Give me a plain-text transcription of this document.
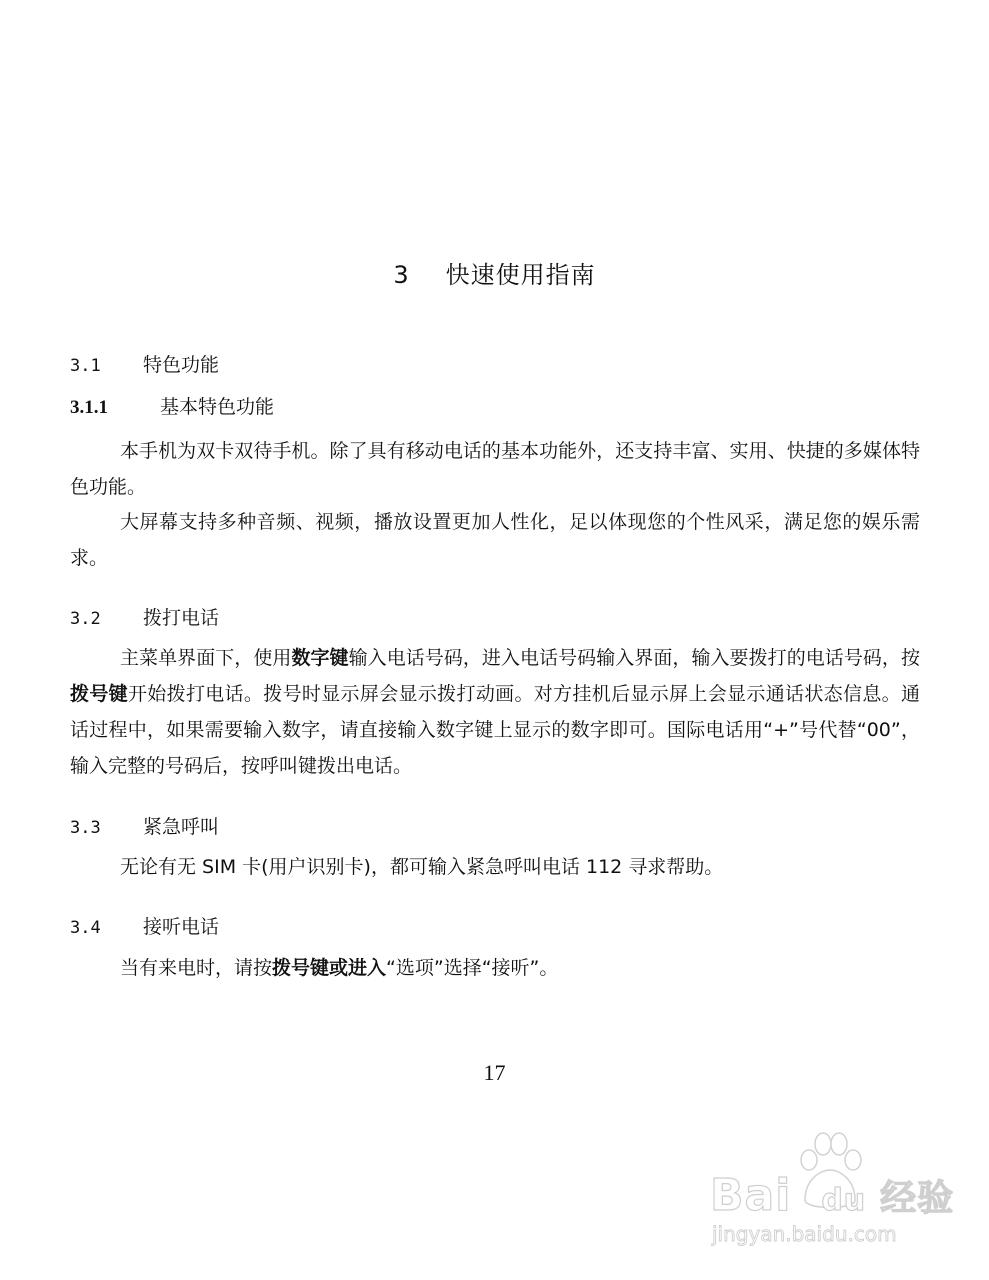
3 快速使用指南
3.1 特色功能
3.1.1	基本特色功能
本手机为双卡双待手机。除了具有移动电话的基本功能外，还支持丰富、实用、快捷的多媒体特色功能。
大屏幕支持多种音频、视频，播放设置更加人性化，足以体现您的个性风采，满足您的娱乐需求。
3.2 拨打电话
主菜单界面下，使用数字键输入电话号码，进入电话号码输入界面，输入要拨打的电话号码，按拨号键开始拨打电话。拨号时显示屏会显示拨打动画。对方挂机后显示屏上会显示通话状态信息。通话过程中，如果需要输入数字，请直接输入数字键上显示的数字即可。国际电话用“+”号代替“00”，输入完整的号码后，按呼叫键拨出电话。
3.3 紧急呼叫
无论有无 SIM 卡(用户识别卡)，都可输入紧急呼叫电话 112 寻求帮助。
3.4 接听电话
当有来电时，请按拨号键或进入“选项”选择“接听”。
17
Bai du 经验
jingyan.baidu.com
